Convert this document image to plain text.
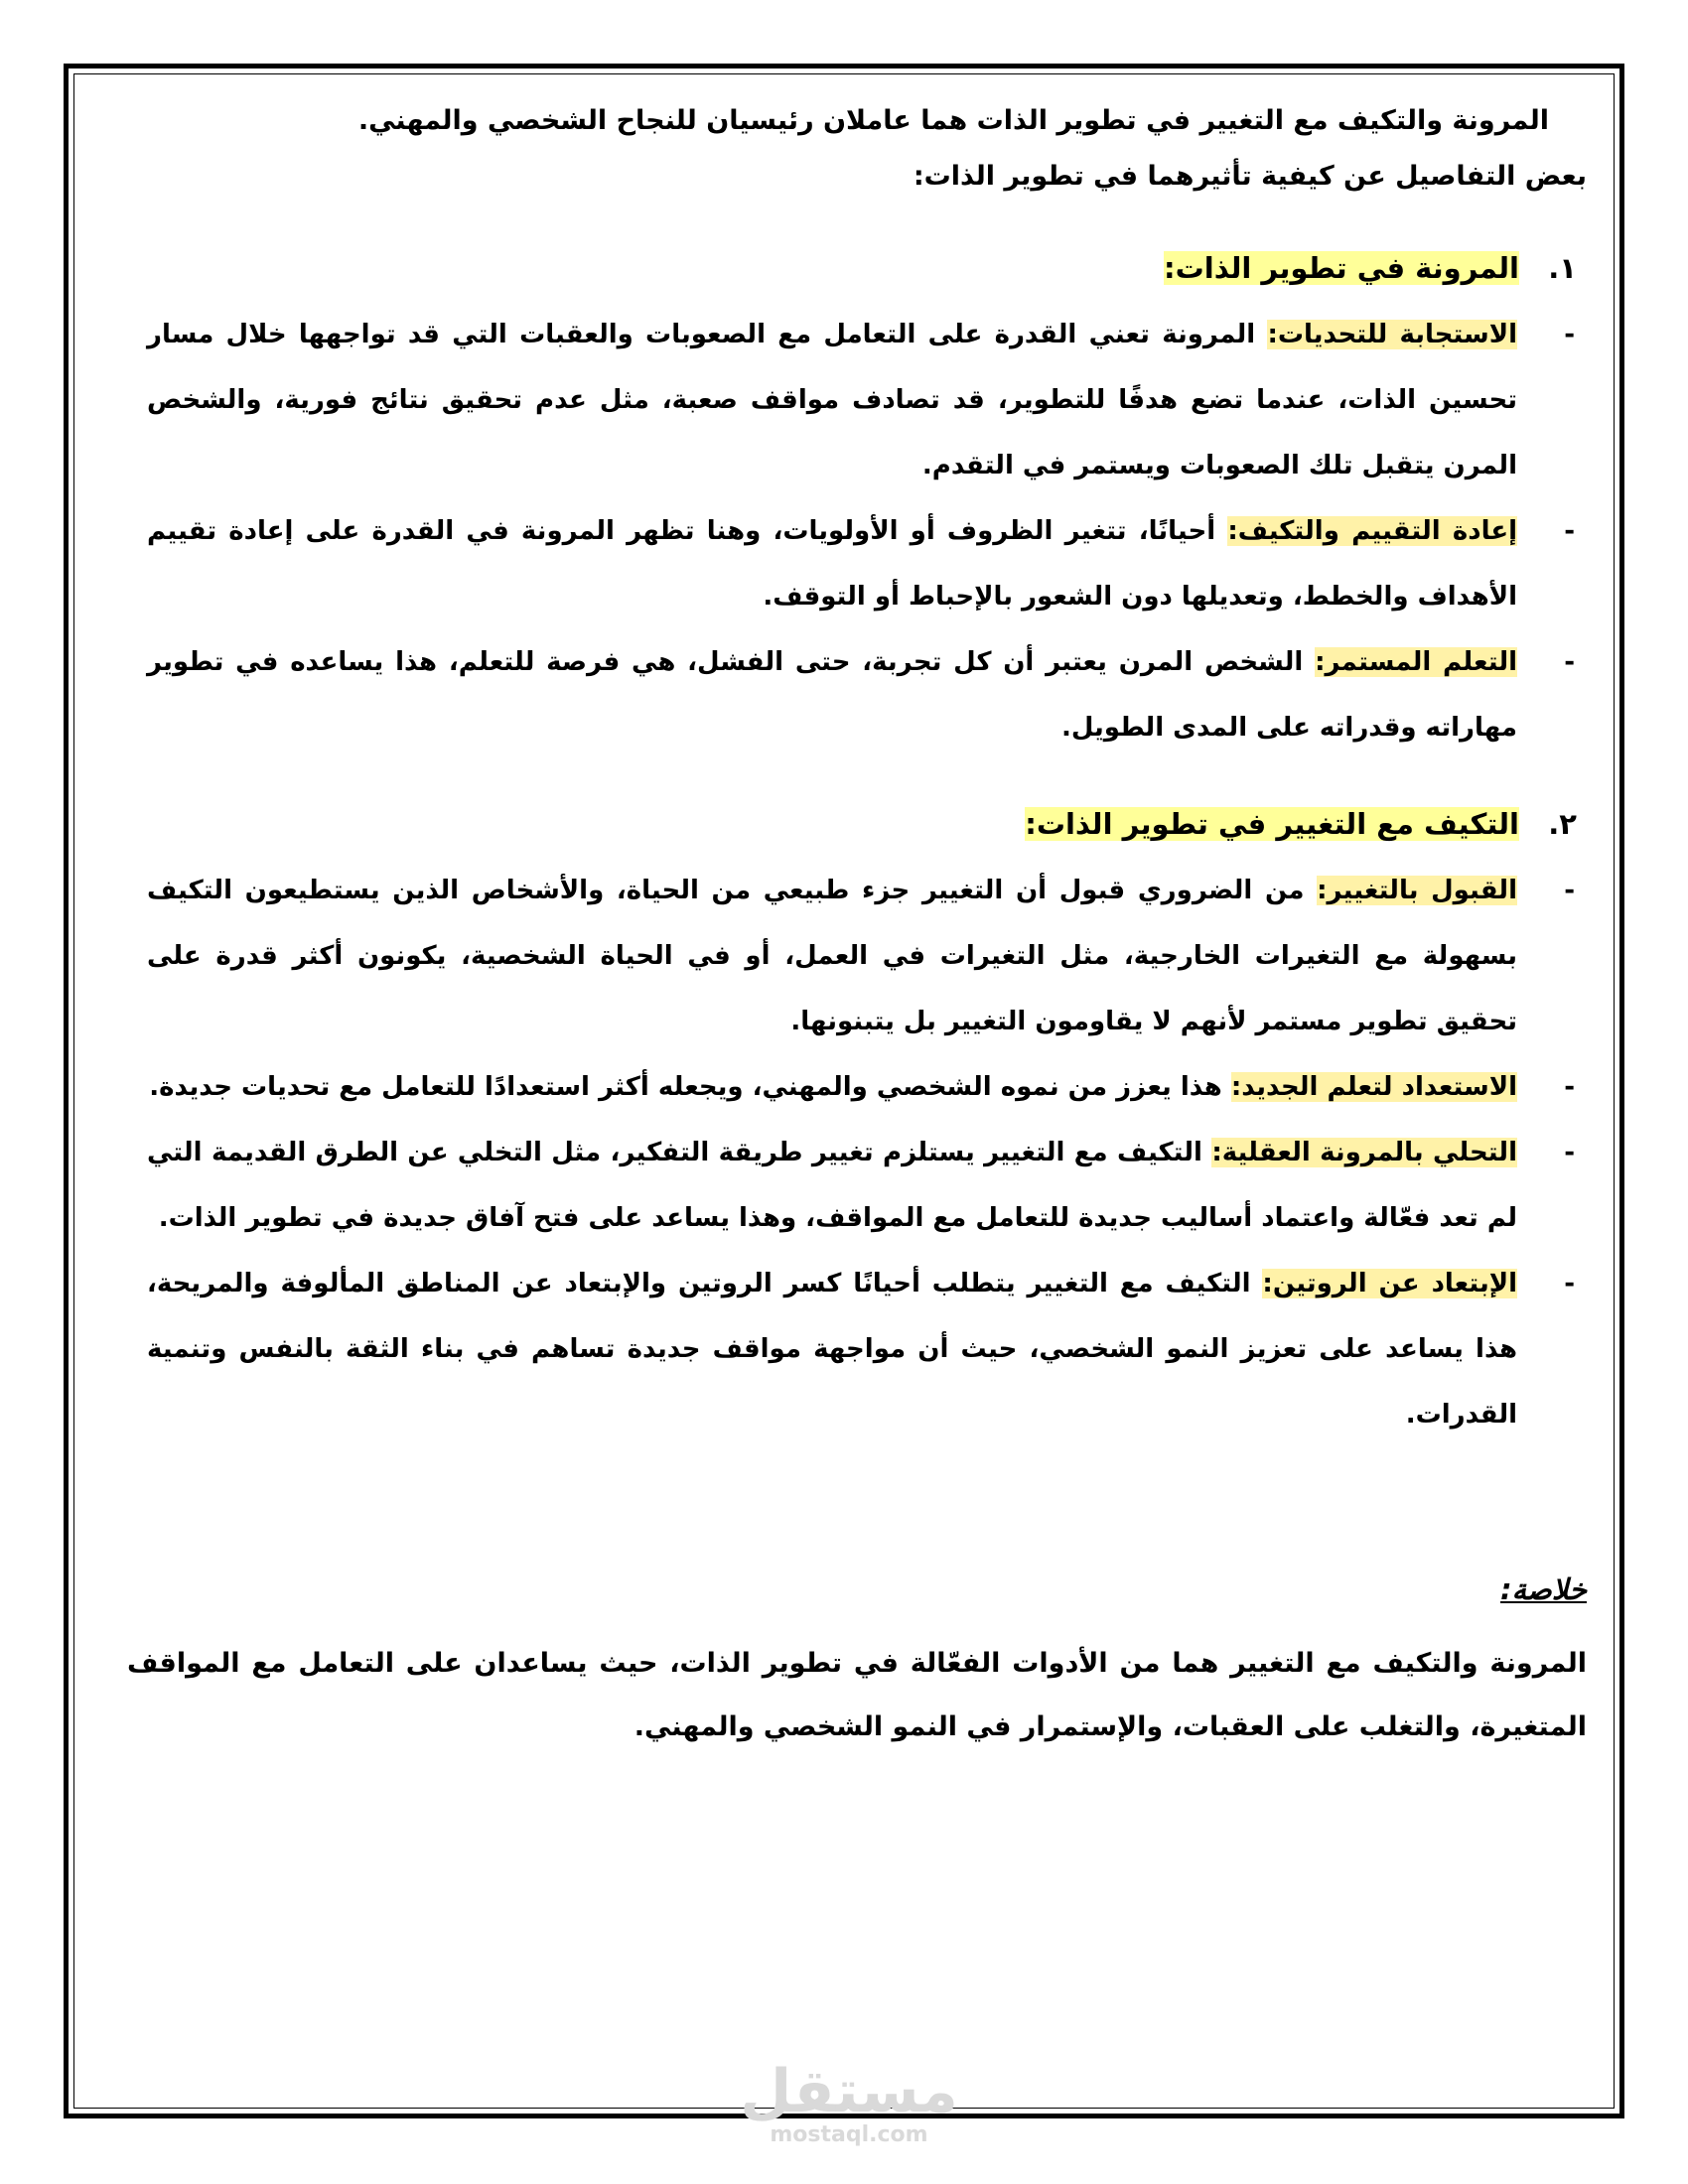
المرونة والتكيف مع التغيير في تطوير الذات هما عاملان رئيسيان للنجاح الشخصي والمهني.

بعض التفاصيل عن كيفية تأثيرهما في تطوير الذات:

١.المرونة في تطوير الذات:

-
الاستجابة للتحديات: المرونة تعني القدرة على التعامل مع الصعوبات والعقبات التي قد تواجهها خلال مسار تحسين الذات، عندما تضع هدفًا للتطوير، قد تصادف مواقف صعبة، مثل عدم تحقيق نتائج فورية، والشخص المرن يتقبل تلك الصعوبات ويستمر في التقدم.
-
إعادة التقييم والتكيف: أحيانًا، تتغير الظروف أو الأولويات، وهنا تظهر المرونة في القدرة على إعادة تقييم الأهداف والخطط، وتعديلها دون الشعور بالإحباط أو التوقف.
-
التعلم المستمر: الشخص المرن يعتبر أن كل تجربة، حتى الفشل، هي فرصة للتعلم، هذا يساعده في تطوير مهاراته وقدراته على المدى الطويل.

٢.التكيف مع التغيير في تطوير الذات:

-
القبول بالتغيير: من الضروري قبول أن التغيير جزء طبيعي من الحياة، والأشخاص الذين يستطيعون التكيف بسهولة مع التغيرات الخارجية، مثل التغيرات في العمل، أو في الحياة الشخصية، يكونون أكثر قدرة على تحقيق تطوير مستمر لأنهم لا يقاومون التغيير بل يتبنونها.
-
الاستعداد لتعلم الجديد: هذا يعزز من نموه الشخصي والمهني، ويجعله أكثر استعدادًا للتعامل مع تحديات جديدة.
-
التحلي بالمرونة العقلية: التكيف مع التغيير يستلزم تغيير طريقة التفكير، مثل التخلي عن الطرق القديمة التي لم تعد فعّالة واعتماد أساليب جديدة للتعامل مع المواقف، وهذا يساعد على فتح آفاق جديدة في تطوير الذات.
-
الإبتعاد عن الروتين: التكيف مع التغيير يتطلب أحيانًا كسر الروتين والإبتعاد عن المناطق المألوفة والمريحة، هذا يساعد على تعزيز النمو الشخصي، حيث أن مواجهة مواقف جديدة تساهم في بناء الثقة بالنفس وتنمية القدرات.

خلاصة:

المرونة والتكيف مع التغيير هما من الأدوات الفعّالة في تطوير الذات، حيث يساعدان على التعامل مع المواقف المتغيرة، والتغلب على العقبات، والإستمرار في النمو الشخصي والمهني.

مستقل
mostaql.com
